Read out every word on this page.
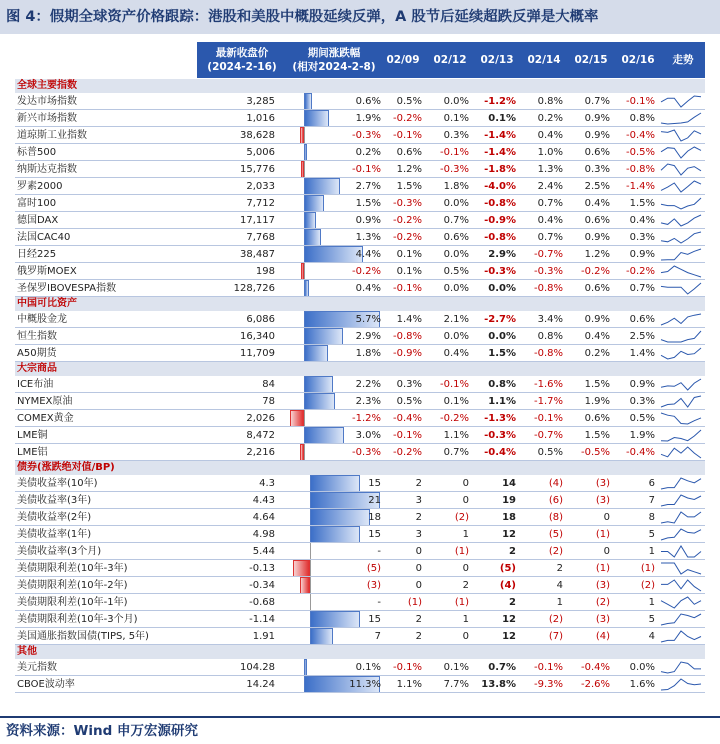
图 4：假期全球资产价格跟踪：港股和美股中概股延续反弹，A 股节后延续超跌反弹是大概率
最新收盘价
(2024-2-16)
期间涨跌幅
(相对2024-2-8)
02/09	02/12	02/13	02/14	02/15	02/16	走势
全球主要指数
发达市场指数	3,285	0.6% 0.5% 0.0% -1.2% 0.8% 0.7% -0.1%
新兴市场指数	1,016	1.9% -0.2% 0.1% 0.1% 0.2% 0.9% 0.8%
道琼斯工业指数	38,628	-0.3% -0.1% 0.3% -1.4% 0.4% 0.9% -0.4%
标普500	5,006	0.2% 0.6% -0.1% -1.4% 1.0% 0.6% -0.5%
纳斯达克指数	15,776	-0.1% 1.2% -0.3% -1.8% 1.3% 0.3% -0.8%
罗素2000	2,033	2.7% 1.5% 1.8% -4.0% 2.4% 2.5% -1.4%
富时100	7,712	1.5% -0.3% 0.0% -0.8% 0.7% 0.4% 1.5%
德国DAX	17,117	0.9% -0.2% 0.7% -0.9% 0.4% 0.6% 0.4%
法国CAC40	7,768	1.3% -0.2% 0.6% -0.8% 0.7% 0.9% 0.3%
日经225	38,487	4.4% 0.1% 0.0% 2.9% -0.7% 1.2% 0.9%
俄罗斯MOEX	198	-0.2% 0.1% 0.5% -0.3% -0.3% -0.2% -0.2%
圣保罗IBOVESPA指数	128,726	0.4% -0.1% 0.0% 0.0% -0.8% 0.6% 0.7%
中国可比资产
中概股金龙	6,086	5.7% 1.4% 2.1% -2.7% 3.4% 0.9% 0.6%
恒生指数	16,340	2.9% -0.8% 0.0% 0.0% 0.8% 0.4% 2.5%
A50期货	11,709	1.8% -0.9% 0.4% 1.5% -0.8% 0.2% 1.4%
大宗商品
ICE布油	84	2.2% 0.3% -0.1% 0.8% -1.6% 1.5% 0.9%
NYMEX原油	78	2.3% 0.5% 0.1% 1.1% -1.7% 1.9% 0.3%
COMEX黄金	2,026	-1.2% -0.4% -0.2% -1.3% -0.1% 0.6% 0.5%
LME铜	8,472	3.0% -0.1% 1.1% -0.3% -0.7% 1.5% 1.9%
LME铝	2,216	-0.3% -0.2% 0.7% -0.4% 0.5% -0.5% -0.4%
债券(涨跌绝对值/BP)
美债收益率(10年)	4.3	15	2	0	14	(4)	(3)	6
美债收益率(3年)	4.43	21	3	0	19	(6)	(3)	7
美债收益率(2年)	4.64	18	2	(2)	18	(8)	0	8
美债收益率(1年)	4.98	15	3	1	12	(5)	(1)	5
美债收益率(3个月)	5.44	-	0	(1)	2	(2)	0	1
美债期限利差(10年-3年)	-0.13	(5)	0	0	(5)	2	(1)	(1)
美债期限利差(10年-2年)	-0.34	(3)	0	2	(4)	4	(3)	(2)
美债期限利差(10年-1年)	-0.68	-	(1)	(1)	2	1	(2)	1
美债期限利差(10年-3个月)	-1.14	15	2	1	12	(2)	(3)	5
美国通胀指数国债(TIPS, 5年)	1.91	7	2	0	12	(7)	(4)	4
其他
美元指数	104.28	0.1% -0.1% 0.1% 0.7% -0.1% -0.4% 0.0%
CBOE波动率	14.24	11.3% 1.1% 7.7% 13.8% -9.3% -2.6% 1.6%
资料来源：Wind 申万宏源研究
